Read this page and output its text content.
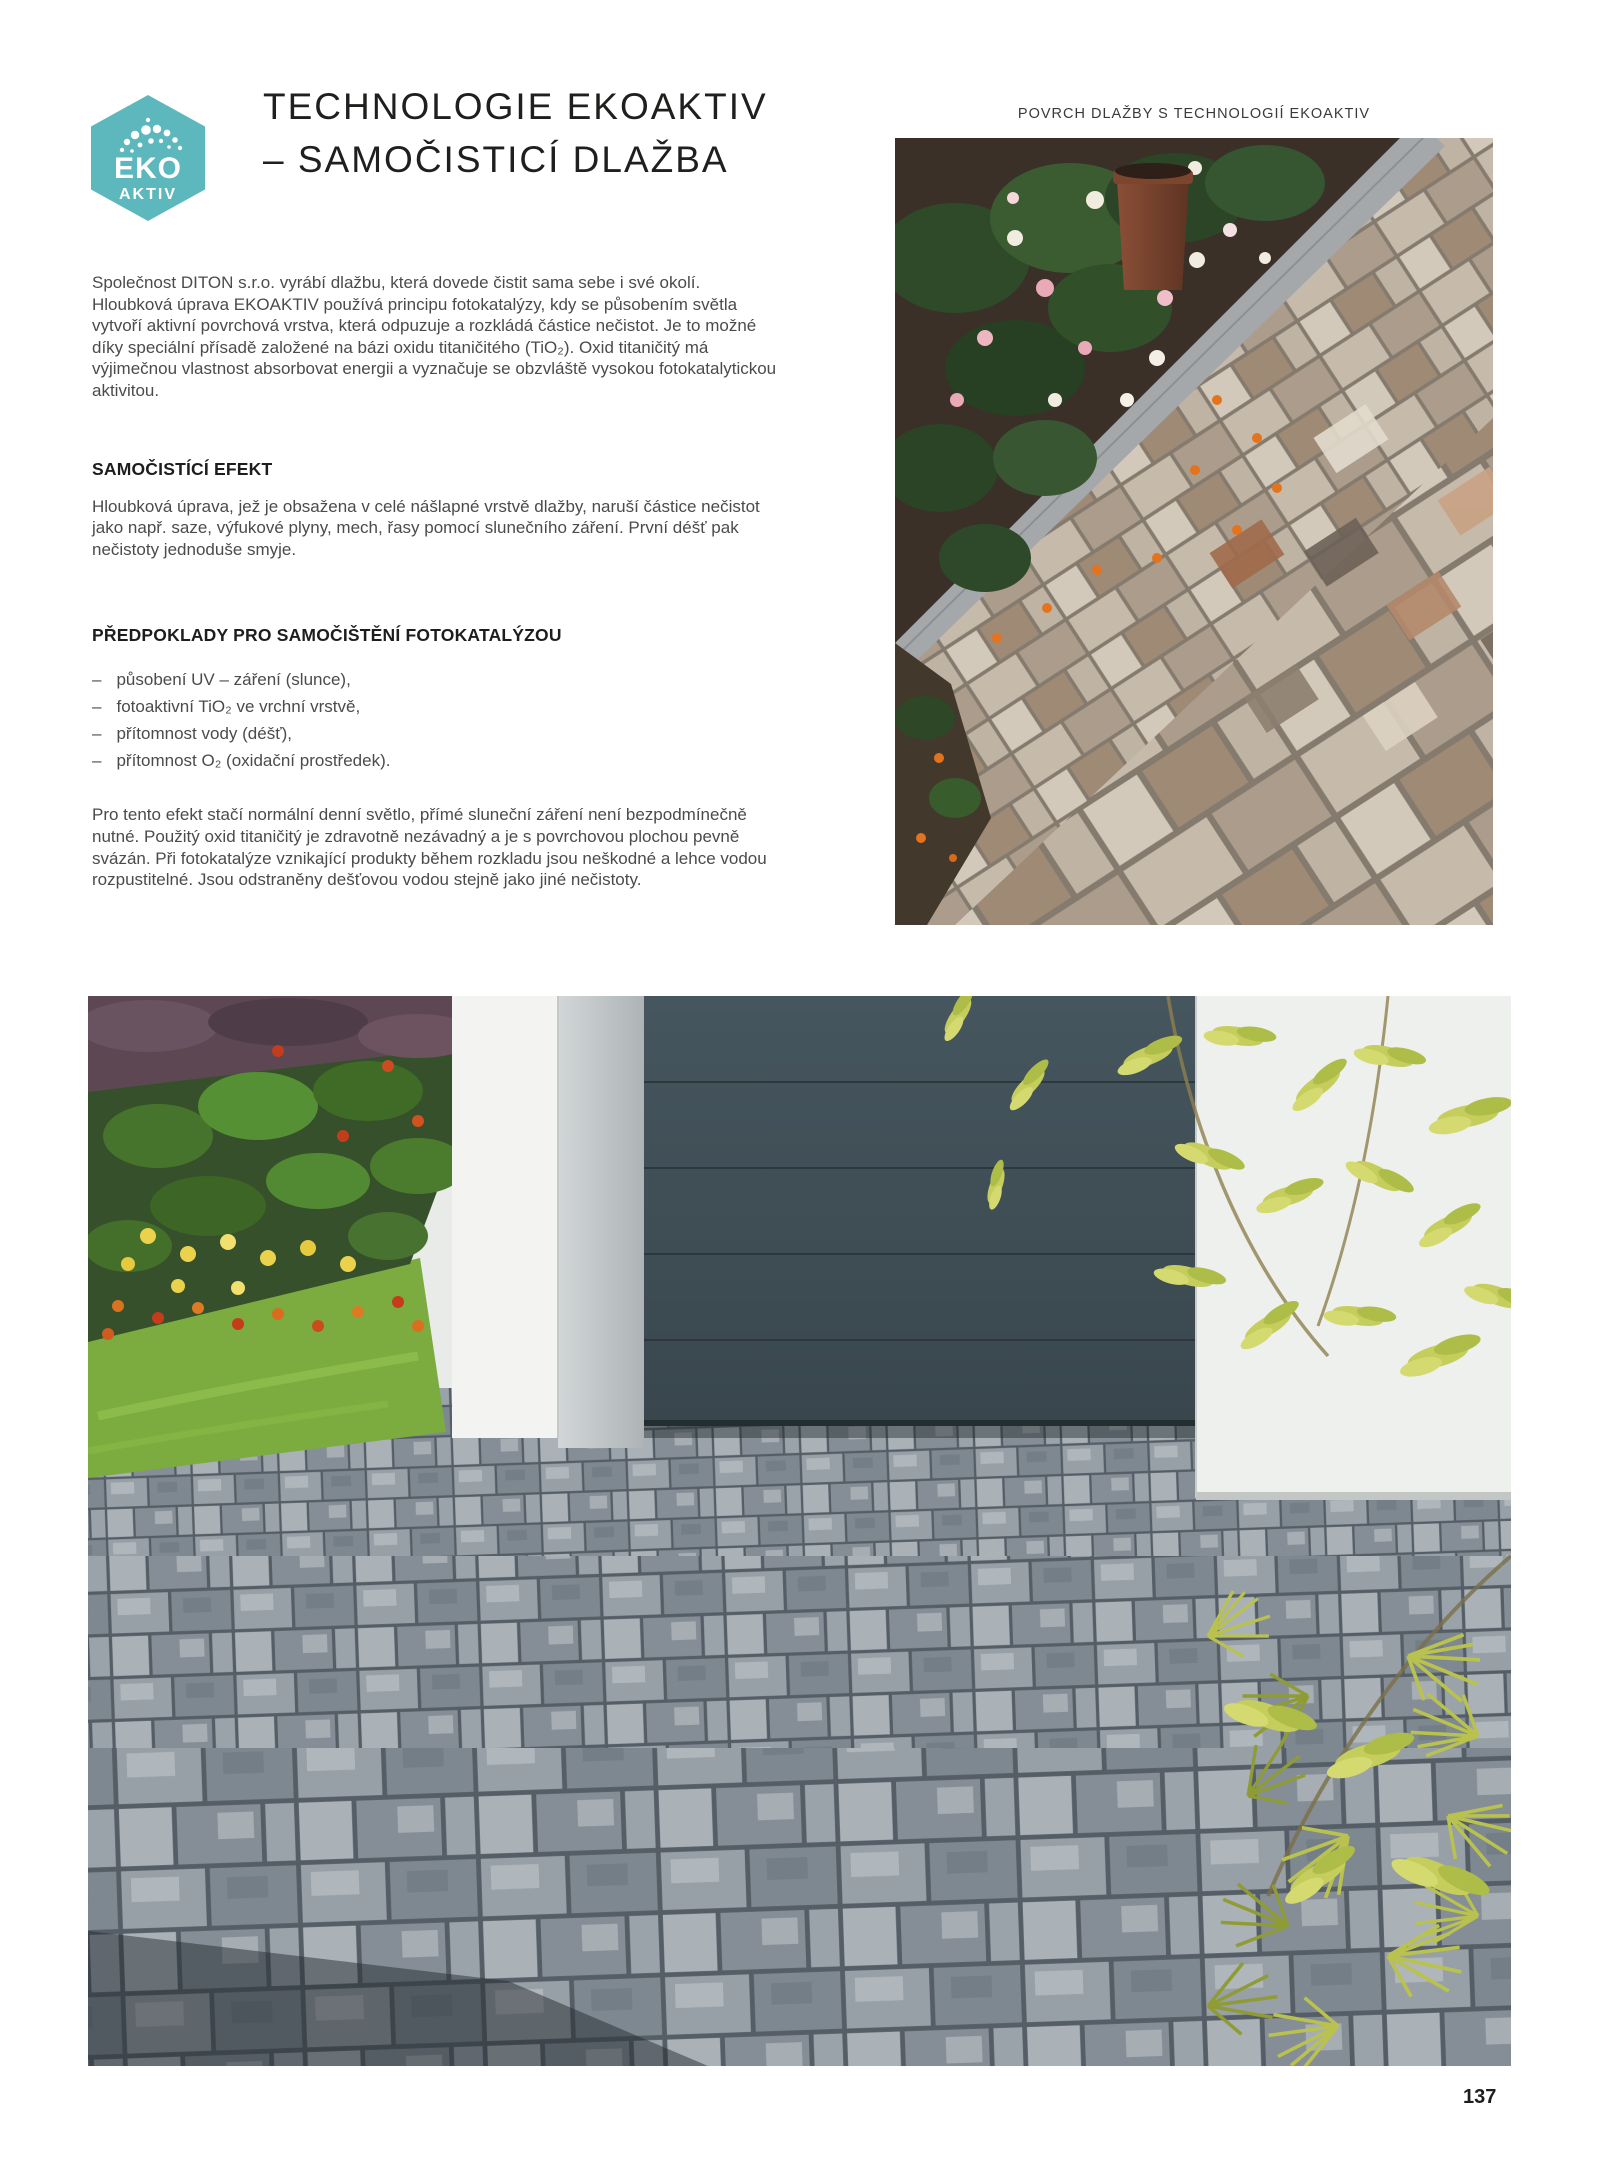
EKO
AKTIV
TECHNOLOGIE EKOAKTIV
– SAMOČISTICÍ DLAŽBA
POVRCH DLAŽBY S TECHNOLOGIÍ EKOAKTIV

Společnost DITON s.r.o. vyrábí dlažbu, která dovede čistit sama sebe i své okolí. Hloubková úprava EKOAKTIV používá principu fotokatalýzy, kdy se působením světla vytvoří aktivní povrchová vrstva, která odpuzuje a rozkládá částice nečistot. Je to možné díky speciální přísadě založené na bázi oxidu titaničitého (TiO₂). Oxid titaničitý má výjimečnou vlastnost absorbovat energii a vyznačuje se obzvláště vysokou fotokatalytickou aktivitou.

SAMOČISTÍCÍ EFEKT

Hloubková úprava, jež je obsažena v celé nášlapné vrstvě dlažby, naruší částice nečistot jako např. saze, výfukové plyny, mech, řasy pomocí slunečního záření. První déšť pak nečistoty jednoduše smyje.

PŘEDPOKLADY PRO SAMOČIŠTĚNÍ FOTOKATALÝZOU
– působení UV – záření (slunce),
– fotoaktivní TiO₂ ve vrchní vrstvě,
– přítomnost vody (déšť),
– přítomnost O₂ (oxidační prostředek).

Pro tento efekt stačí normální denní světlo, přímé sluneční záření není bezpodmínečně nutné. Použitý oxid titaničitý je zdravotně nezávadný a je s povrchovou plochou pevně svázán. Při fotokatalýze vznikající produkty během rozkladu jsou neškodné a lehce vodou rozpustitelné. Jsou odstraněny dešťovou vodou stejně jako jiné nečistoty.

137
